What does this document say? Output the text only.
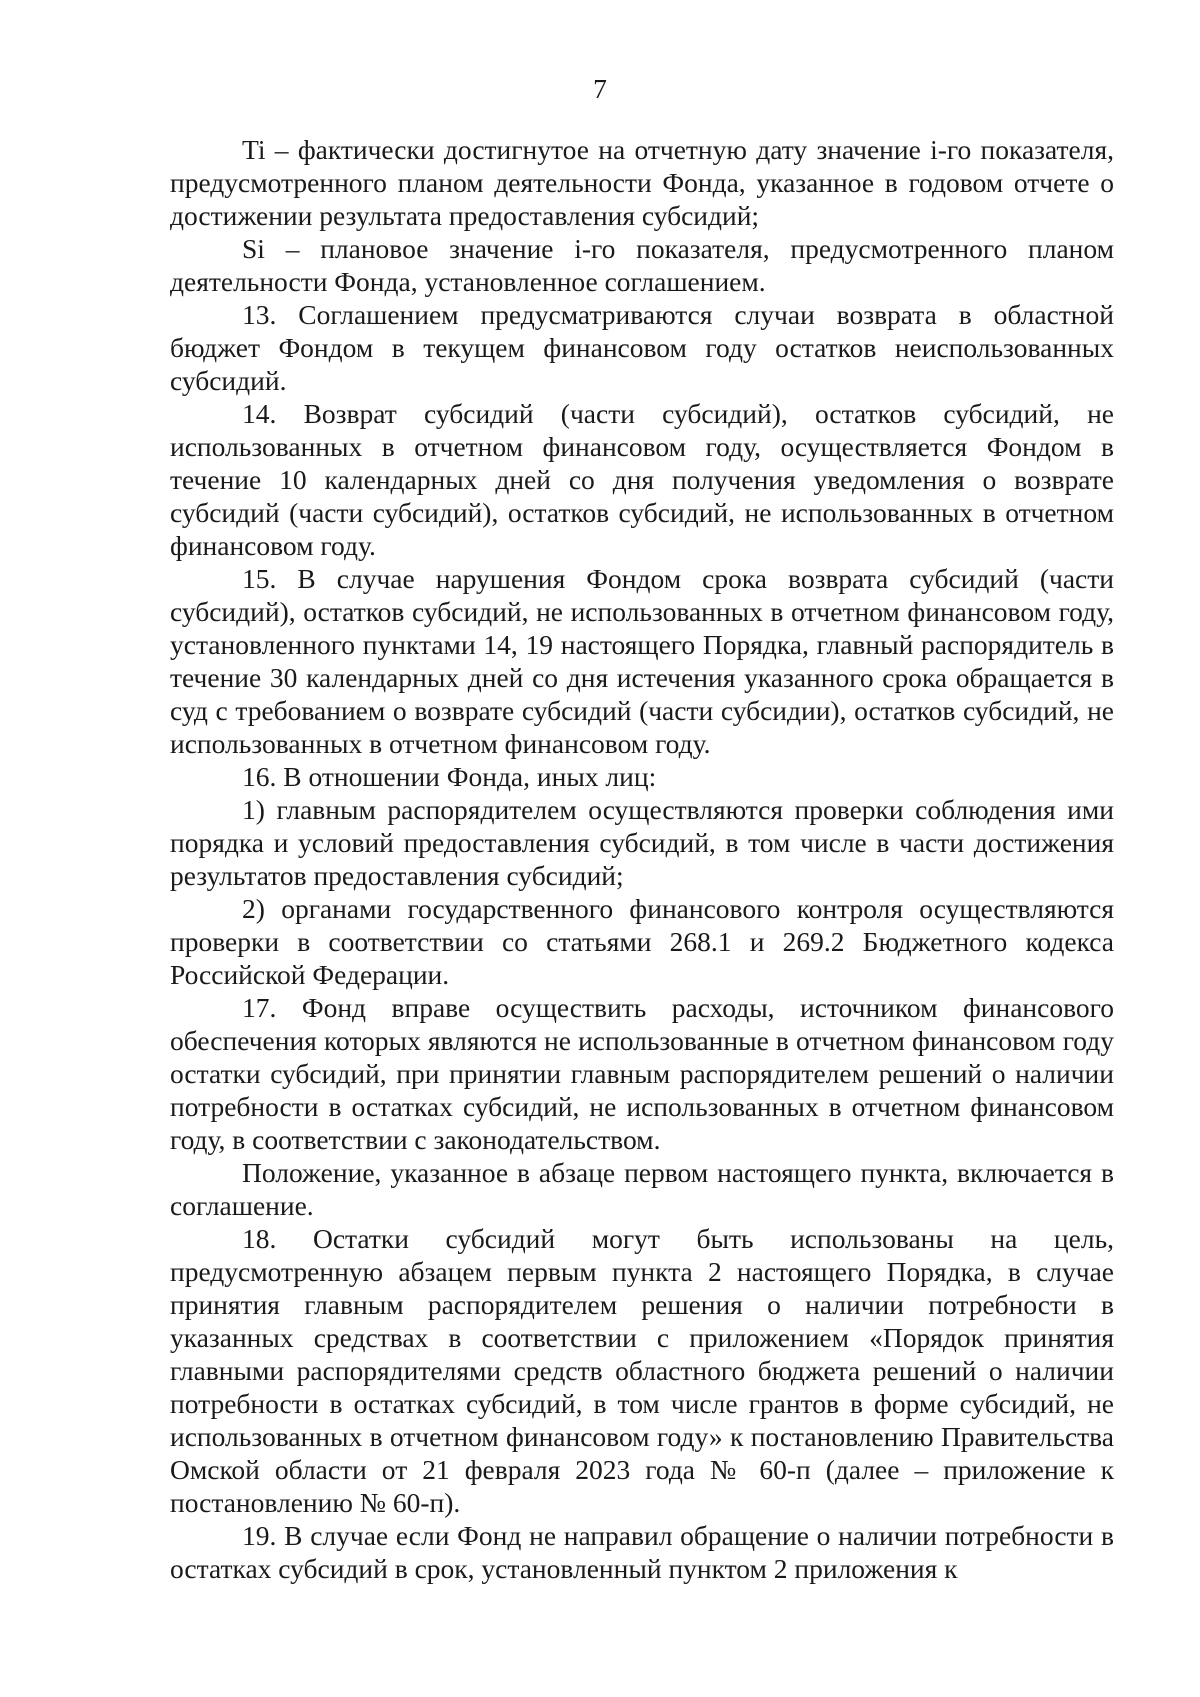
7

Ti – фактически достигнутое на отчетную дату значение i-го показателя, предусмотренного планом деятельности Фонда, указанное в годовом отчете о достижении результата предоставления субсидий;

Si – плановое значение i-го показателя, предусмотренного планом деятельности Фонда, установленное соглашением.

13. Соглашением предусматриваются случаи возврата в областной бюджет Фондом в текущем финансовом году остатков неиспользованных субсидий.

14. Возврат субсидий (части субсидий), остатков субсидий, не использованных в отчетном финансовом году, осуществляется Фондом в течение 10 календарных дней со дня получения уведомления о возврате субсидий (части субсидий), остатков субсидий, не использованных в отчетном финансовом году.

15. В случае нарушения Фондом срока возврата субсидий (части субсидий), остатков субсидий, не использованных в отчетном финансовом году, установленного пунктами 14, 19 настоящего Порядка, главный распорядитель в течение 30 календарных дней со дня истечения указанного срока обращается в суд с требованием о возврате субсидий (части субсидии), остатков субсидий, не использованных в отчетном финансовом году.

16. В отношении Фонда, иных лиц:

1) главным распорядителем осуществляются проверки соблюдения ими порядка и условий предоставления субсидий, в том числе в части достижения результатов предоставления субсидий;

2) органами государственного финансового контроля осуществляются проверки в соответствии со статьями 268.1 и 269.2 Бюджетного кодекса Российской Федерации.

17. Фонд вправе осуществить расходы, источником финансового обеспечения которых являются не использованные в отчетном финансовом году остатки субсидий, при принятии главным распорядителем решений о наличии потребности в остатках субсидий, не использованных в отчетном финансовом году, в соответствии с законодательством.

Положение, указанное в абзаце первом настоящего пункта, включается в соглашение.

18. Остатки субсидий могут быть использованы на цель, предусмотренную абзацем первым пункта 2 настоящего Порядка, в случае принятия главным распорядителем решения о наличии потребности в указанных средствах в соответствии с приложением «Порядок принятия главными распорядителями средств областного бюджета решений о наличии потребности в остатках субсидий, в том числе грантов в форме субсидий, не использованных в отчетном финансовом году» к постановлению Правительства Омской области от 21 февраля 2023 года № 60-п (далее – приложение к постановлению № 60-п).

19. В случае если Фонд не направил обращение о наличии потребности в остатках субсидий в срок, установленный пунктом 2 приложения к
